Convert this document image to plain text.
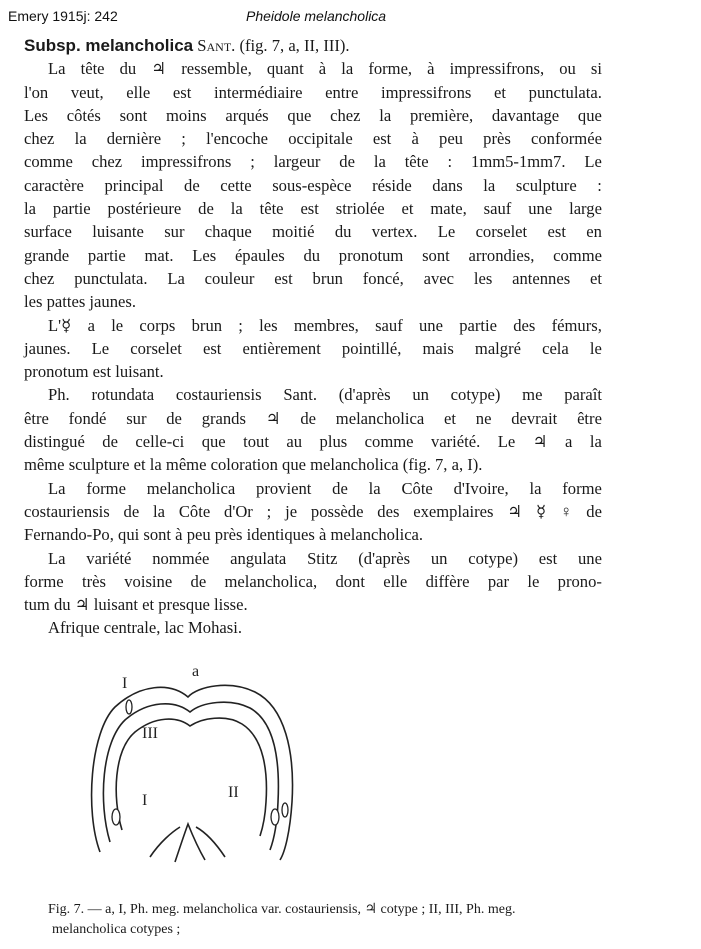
Emery 1915j: 242	Pheidole melancholica
Subsp. melancholica
Sant.
(fig. 7, a, II, III).
La tête du ♃ ressemble, quant à la forme, à impressifrons, ou si
l'on veut, elle est intermédiaire entre impressifrons et punctulata.
Les côtés sont moins arqués que chez la première, davantage que
chez la dernière ; l'encoche occipitale est à peu près conformée
comme chez impressifrons ; largeur de la tête : 1mm5-1mm7. Le
caractère principal de cette sous-espèce réside dans la sculpture :
la partie postérieure de la tête est striolée et mate, sauf une large
surface luisante sur chaque moitié du vertex. Le corselet est en
grande partie mat. Les épaules du pronotum sont arrondies, comme
chez punctulata. La couleur est brun foncé, avec les antennes et
les pattes jaunes.
L'☿ a le corps brun ; les membres, sauf une partie des fémurs,
jaunes. Le corselet est entièrement pointillé, mais malgré cela le
pronotum est luisant.
Ph. rotundata costauriensis Sant. (d'après un cotype) me paraît
être fondé sur de grands ♃ de melancholica et ne devrait être
distingué de celle-ci que tout au plus comme variété. Le ♃ a la
même sculpture et la même coloration que melancholica (fig. 7, a, I).
La forme melancholica provient de la Côte d'Ivoire, la forme
costauriensis de la Côte d'Or ; je possède des exemplaires ♃ ☿ ♀ de
Fernando-Po, qui sont à peu près identiques à melancholica.
La variété nommée angulata Stitz (d'après un cotype) est une
forme très voisine de melancholica, dont elle diffère par le prono-
tum du ♃ luisant et presque lisse.
Afrique centrale, lac Mohasi.
a
I
III
II
I
Fig. 7. — a, I, Ph. meg. melancholica var. costauriensis, ♃ cotype ; II, III, Ph. meg.
melancholica cotypes ;
